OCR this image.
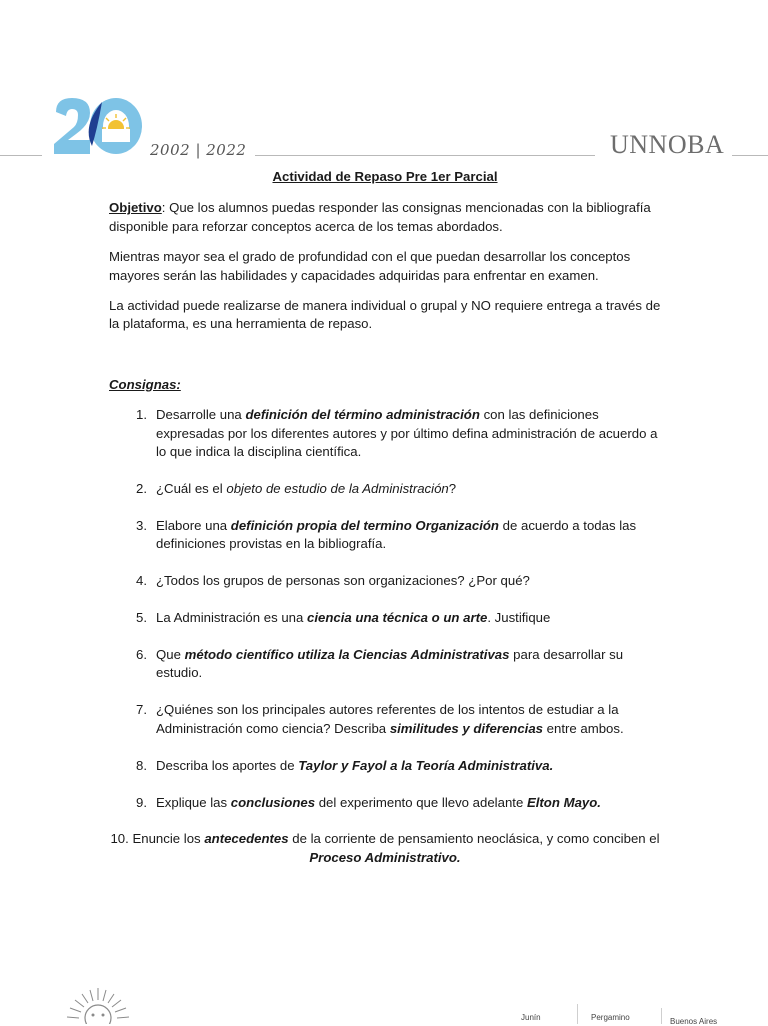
2002 | 2022	UNNOBA
Actividad de Repaso Pre 1er Parcial

Objetivo: Que los alumnos puedas responder las consignas mencionadas con la bibliografía disponible para reforzar conceptos acerca de los temas abordados.

Mientras mayor sea el grado de profundidad con el que puedan desarrollar los conceptos mayores serán las habilidades y capacidades adquiridas para enfrentar en examen.

La actividad puede realizarse de manera individual o grupal y NO requiere entrega a través de la plataforma, es una herramienta de repaso.

Consignas:
1. Desarrolle una definición del término administración con las definiciones expresadas por los diferentes autores y por último defina administración de acuerdo a lo que indica la disciplina científica.
2. ¿Cuál es el objeto de estudio de la Administración?
3. Elabore una definición propia del termino Organización de acuerdo a todas las definiciones provistas en la bibliografía.
4. ¿Todos los grupos de personas son organizaciones? ¿Por qué?
5. La Administración es una ciencia una técnica o un arte. Justifique
6. Que método científico utiliza la Ciencias Administrativas para desarrollar su estudio.
7. ¿Quiénes son los principales autores referentes de los intentos de estudiar a la Administración como ciencia? Describa similitudes y diferencias entre ambos.
8. Describa los aportes de Taylor y Fayol a la Teoría Administrativa.
9. Explique las conclusiones del experimento que llevo adelante Elton Mayo.
10. Enuncie los antecedentes de la corriente de pensamiento neoclásica, y como conciben el Proceso Administrativo.
Junín	Pergamino	Buenos Aires
